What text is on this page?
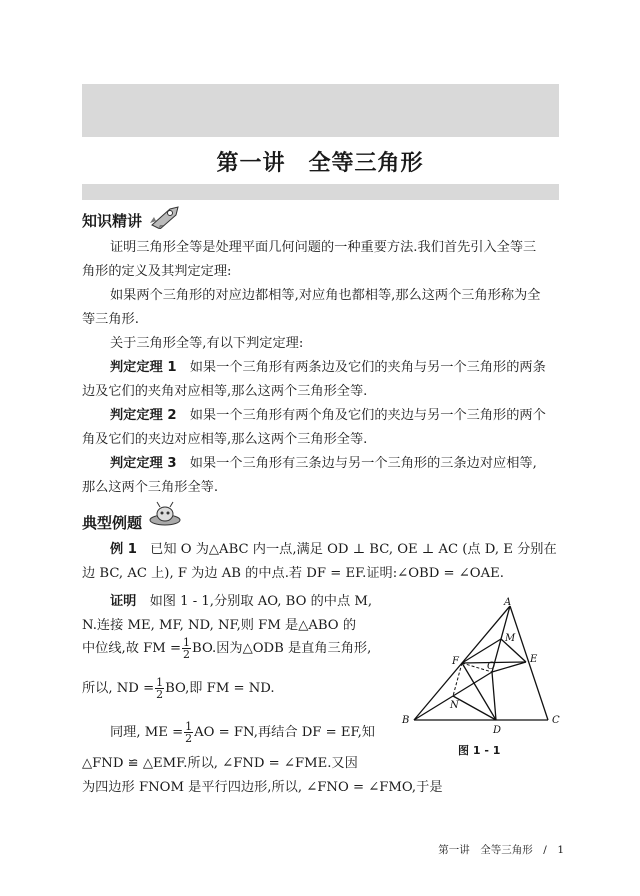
第一讲　全等三角形
知识精讲
证明三角形全等是处理平面几何问题的一种重要方法.我们首先引入全等三
角形的定义及其判定定理:
如果两个三角形的对应边都相等,对应角也都相等,那么这两个三角形称为全
等三角形.
关于三角形全等,有以下判定定理:
判定定理 1　 如果一个三角形有两条边及它们的夹角与另一个三角形的两条
边及它们的夹角对应相等,那么这两个三角形全等.
判定定理 2　 如果一个三角形有两个角及它们的夹边与另一个三角形的两个
角及它们的夹边对应相等,那么这两个三角形全等.
判定定理 3　 如果一个三角形有三条边与另一个三角形的三条边对应相等,
那么这两个三角形全等.
典型例题
例 1　 已知 O 为△ABC 内一点,满足 OD ⊥ BC, OE ⊥ AC (点 D, E 分别在
边 BC, AC 上), F 为边 AB 的中点.若 DF = EF.证明:∠OBD = ∠OAE.
证明　 如图 1 - 1,分别取 AO, BO 的中点 M,
N.连接 ME, MF, ND, NF,则 FM 是△ABO 的
中位线,故 FM = $\frac{1}{2}$ BO.因为△ODB 是直角三角形,
所以, ND = $\frac{1}{2}$ BO,即 FM = ND.
同理, ME = $\frac{1}{2}$ AO = FN,再结合 DF = EF,知
△FND ≌ △EMF.所以, ∠FND = ∠FME.又因
为四边形 FNOM 是平行四边形,所以, ∠FNO = ∠FMO,于是
A
B	C
D
E
F
M
N
O
图 1 - 1
第一讲　全等三角形　/　1
